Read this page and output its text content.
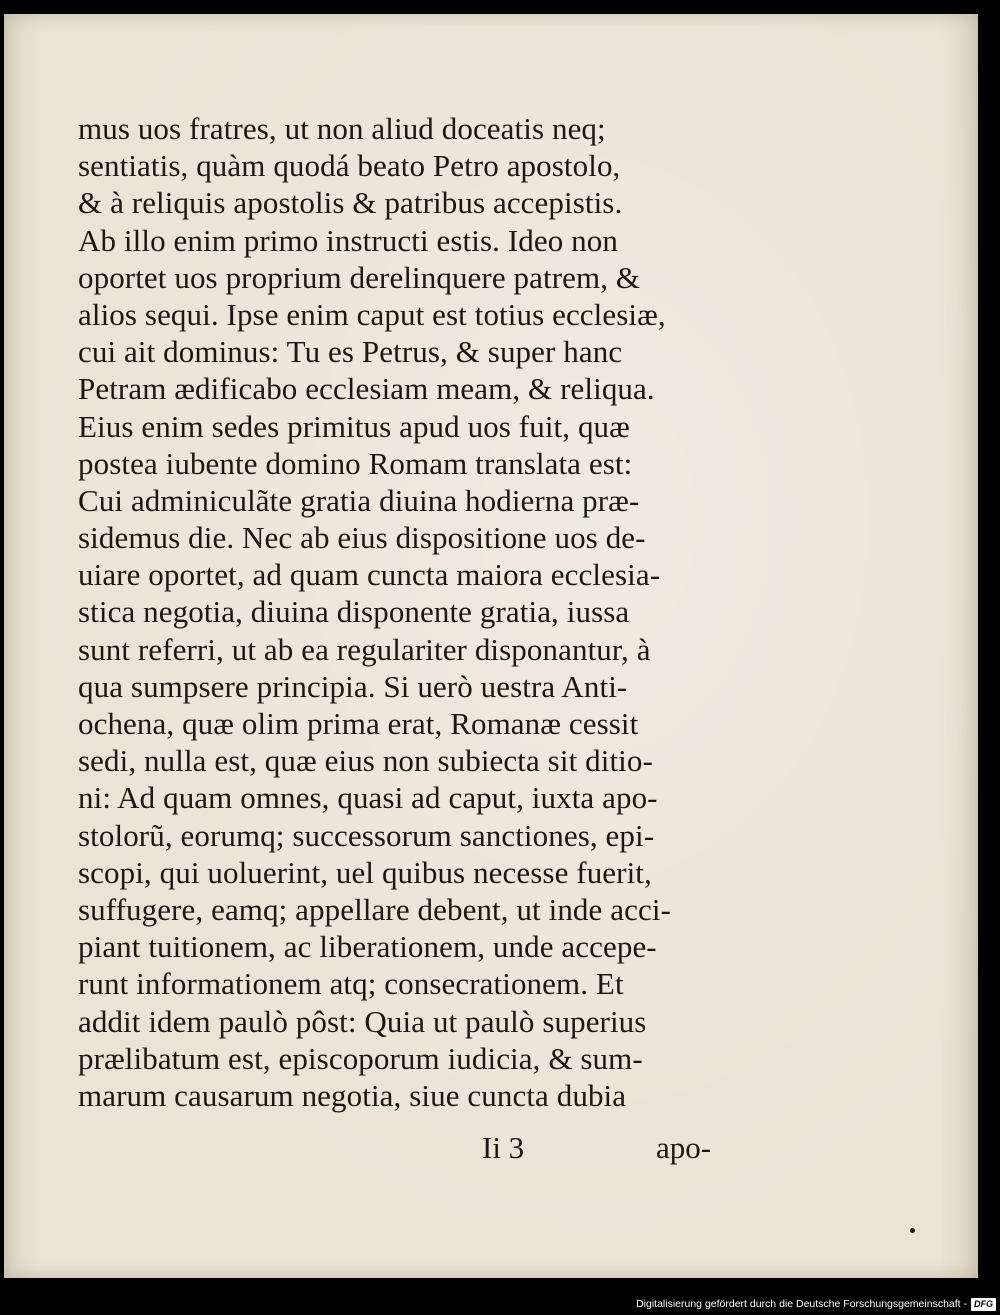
mus uos fratres, ut non aliud doceatis neq;
sentiatis, quàm quodá beato Petro apostolo,
& à reliquis apostolis & patribus accepistis.
Ab illo enim primo instructi estis. Ideo non
oportet uos proprium derelinquere patrem, &
alios sequi. Ipse enim caput est totius ecclesiæ,
cui ait dominus: Tu es Petrus, & super hanc
Petram ædificabo ecclesiam meam, & reliqua.
Eius enim sedes primitus apud uos fuit, quæ
postea iubente domino Romam translata est:
Cui adminiculãte gratia diuina hodierna præ-
sidemus die. Nec ab eius dispositione uos de-
uiare oportet, ad quam cuncta maiora ecclesia-
stica negotia, diuina disponente gratia, iussa
sunt referri, ut ab ea regulariter disponantur, à
qua sumpsere principia. Si uerò uestra Anti-
ochena, quæ olim prima erat, Romanæ cessit
sedi, nulla est, quæ eius non subiecta sit ditio-
ni: Ad quam omnes, quasi ad caput, iuxta apo-
stolorũ, eorumq; successorum sanctiones, epi-
scopi, qui uoluerint, uel quibus necesse fuerit,
suffugere, eamq; appellare debent, ut inde acci-
piant tuitionem, ac liberationem, unde accepe-
runt informationem atq; consecrationem. Et
addit idem paulò pôst: Quia ut paulò superius
prælibatum est, episcoporum iudicia, & sum-
marum causarum negotia, siue cuncta dubia
Ii 3	apo-
Digitalisierung gefördert durch die Deutsche Forschungsgemeinschaft - DFG
